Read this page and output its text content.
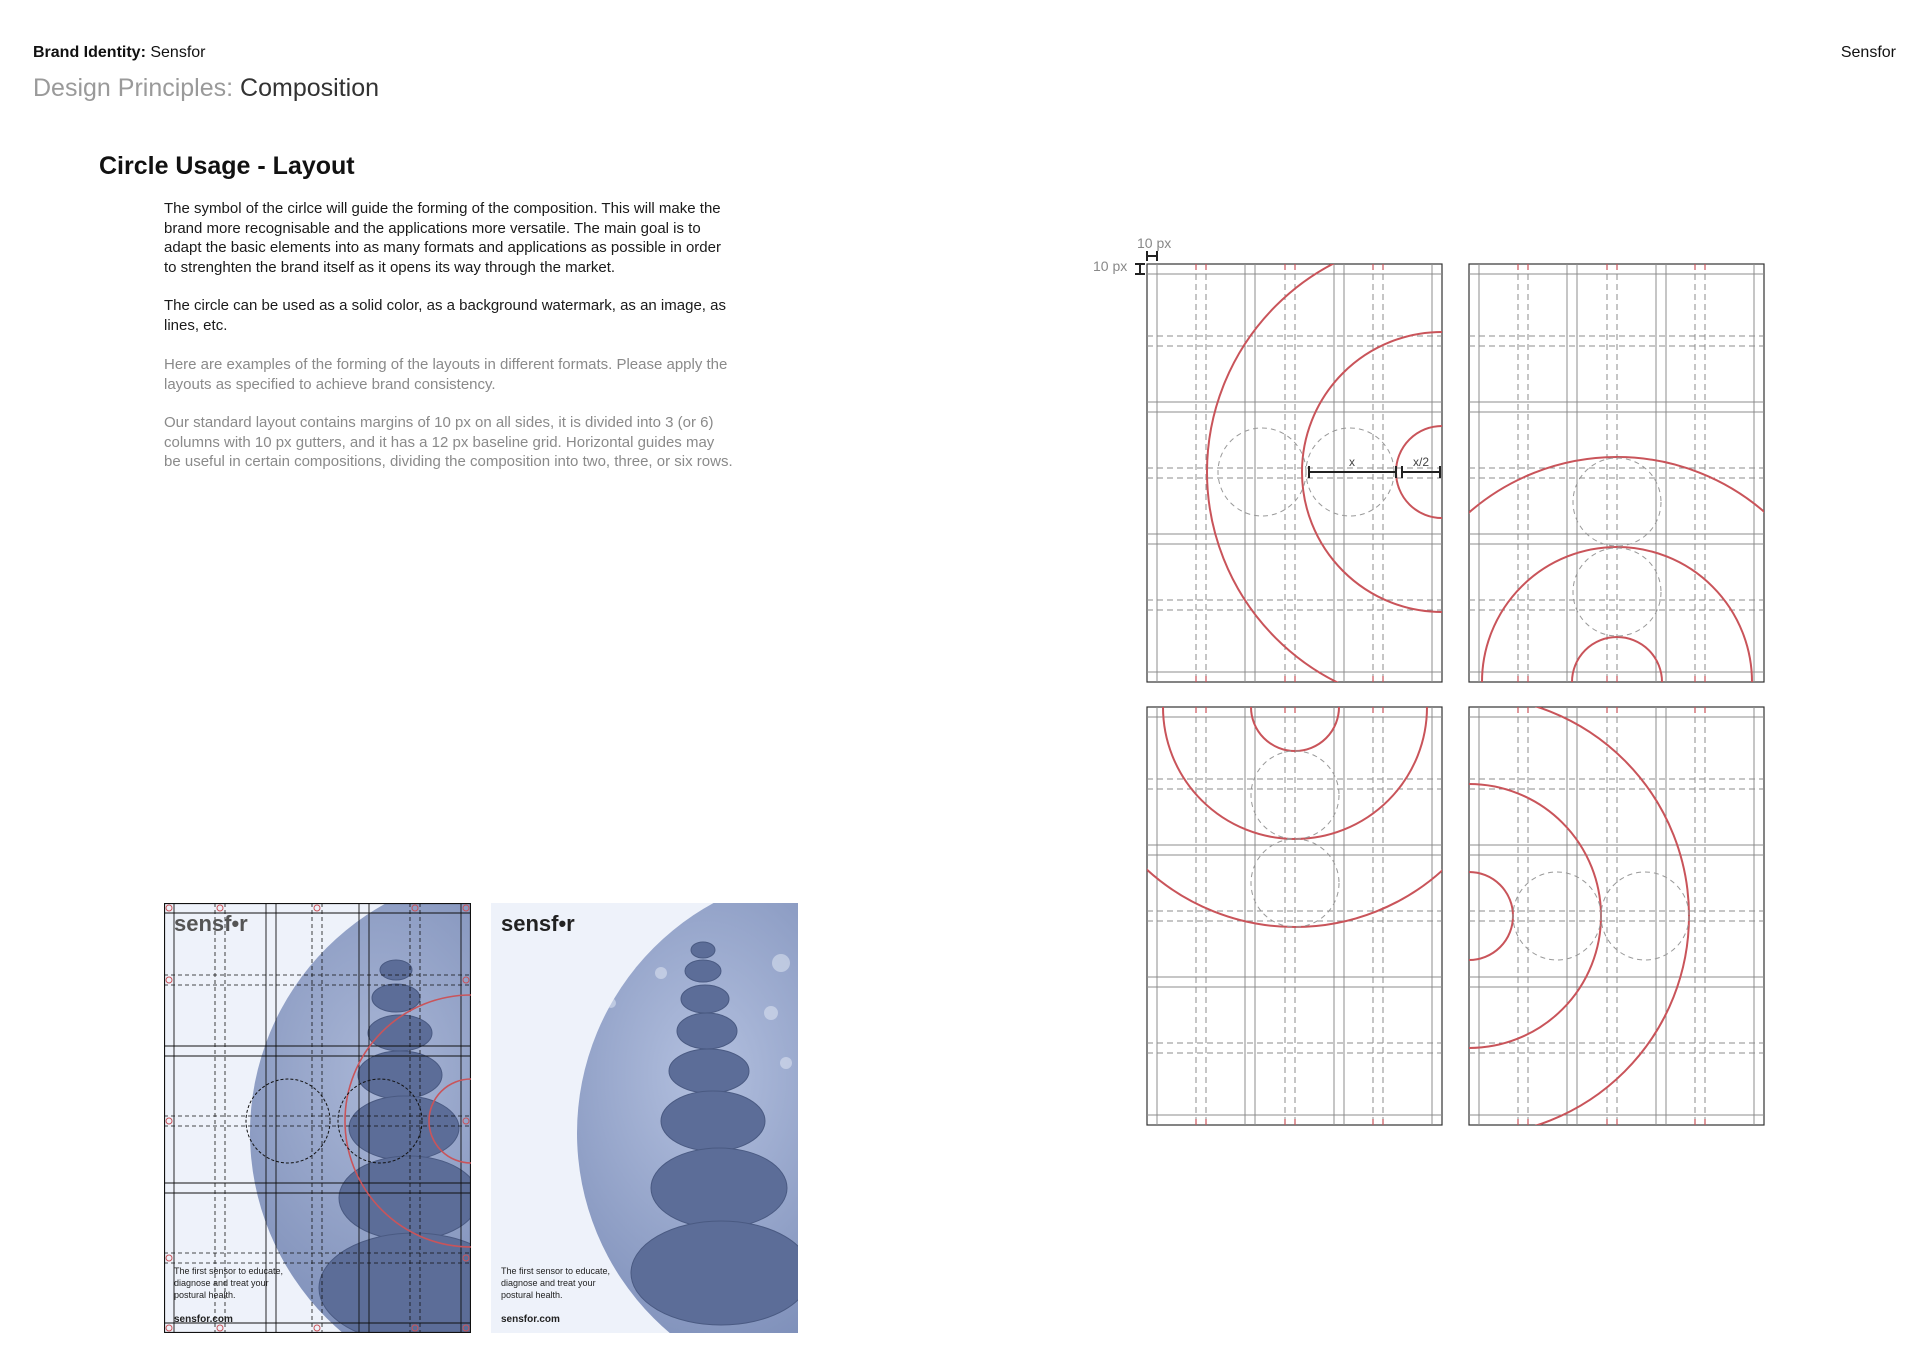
Brand Identity: Sensfor	Sensfor
Design Principles: Composition
Circle Usage - Layout
The symbol of the cirlce will guide the forming of the composition. This will make the brand more recognisable and the applications more versatile. The main goal is to adapt the basic elements into as many formats and applications as possible in order to strenghten the brand itself as it opens its way through the market.
The circle can be used as a solid color, as a background watermark, as an image, as lines, etc.
Here are examples of the forming of the layouts in different formats. Please apply the layouts as specified to achieve brand consistency.
Our standard layout contains margins of 10 px on all sides, it is divided into 3 (or 6) columns with 10 px gutters, and it has a 12 px baseline grid. Horizontal guides may be useful in certain compositions, dividing the composition into two, three, or six rows.	x	x/2
10 px
10 px
sensf•r
The first sensor to educate, diagnose and treat your postural health.
sensfor.com
sensf•r
The first sensor to educate, diagnose and treat your postural health.
sensfor.com
